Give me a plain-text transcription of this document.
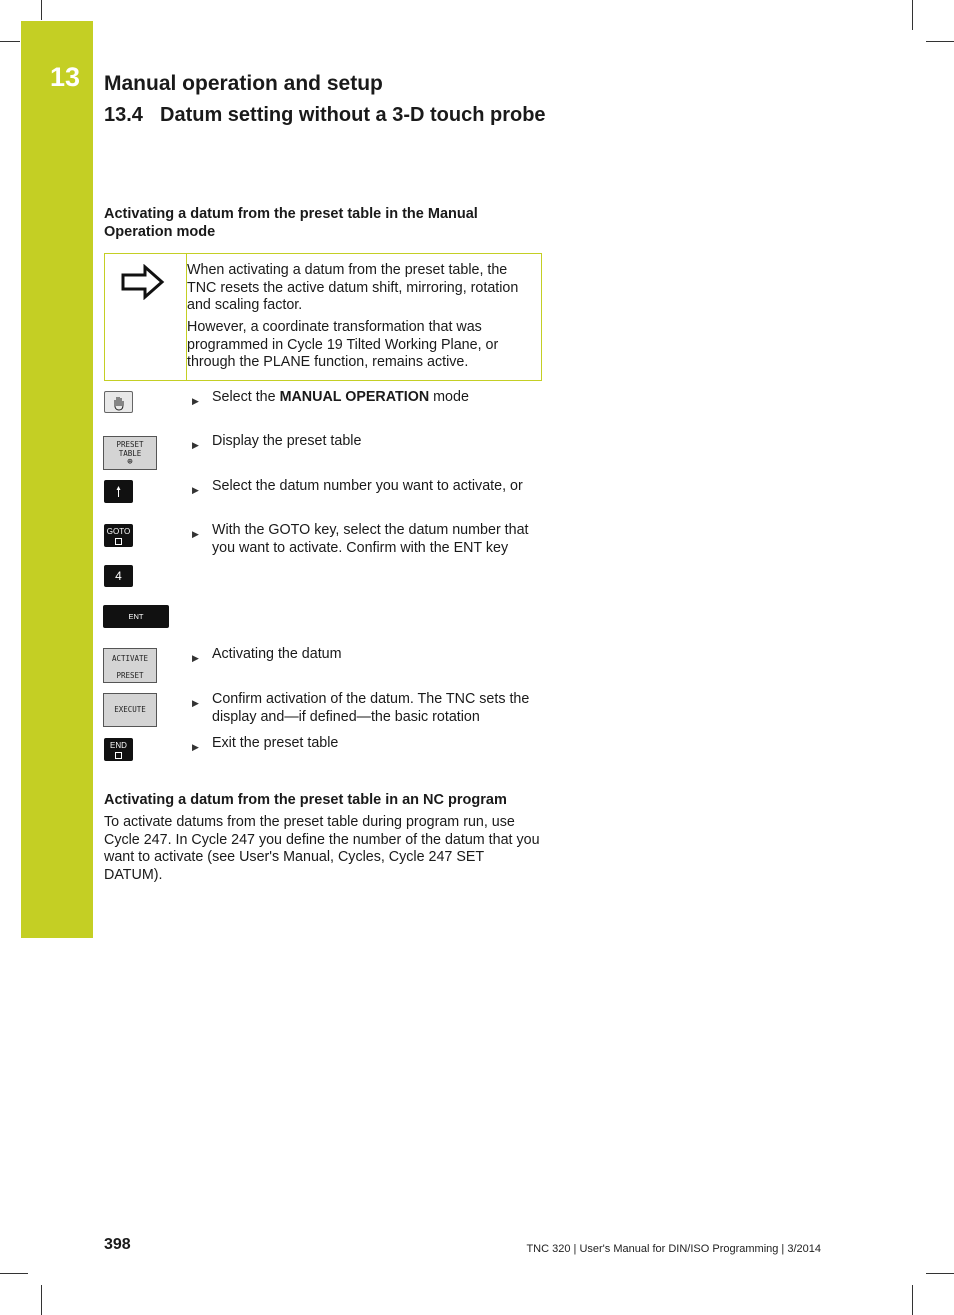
13 Manual operation and setup
13.4 Datum setting without a 3-D touch probe
Activating a datum from the preset table in the Manual Operation mode

When activating a datum from the preset table, the TNC resets the active datum shift, mirroring, rotation and scaling factor.

However, a coordinate transformation that was programmed in Cycle 19 Tilted Working Plane, or through the PLANE function, remains active.

PRESET
TABLE
⊕
GOTO
4
ENT
ACTIVATE
PRESET
EXECUTE
END
▶ Select the MANUAL OPERATION mode
▶ Display the preset table
▶ Select the datum number you want to activate, or
▶ With the GOTO key, select the datum number that you want to activate. Confirm with the ENT key
▶ Activating the datum
▶ Confirm activation of the datum. The TNC sets the display and—if defined—the basic rotation
▶ Exit the preset table
Activating a datum from the preset table in an NC program
To activate datums from the preset table during program run, use Cycle 247. In Cycle 247 you define the number of the datum that you want to activate (see User's Manual, Cycles, Cycle 247 SET DATUM).
398	TNC 320 | User's Manual for DIN/ISO Programming | 3/2014
